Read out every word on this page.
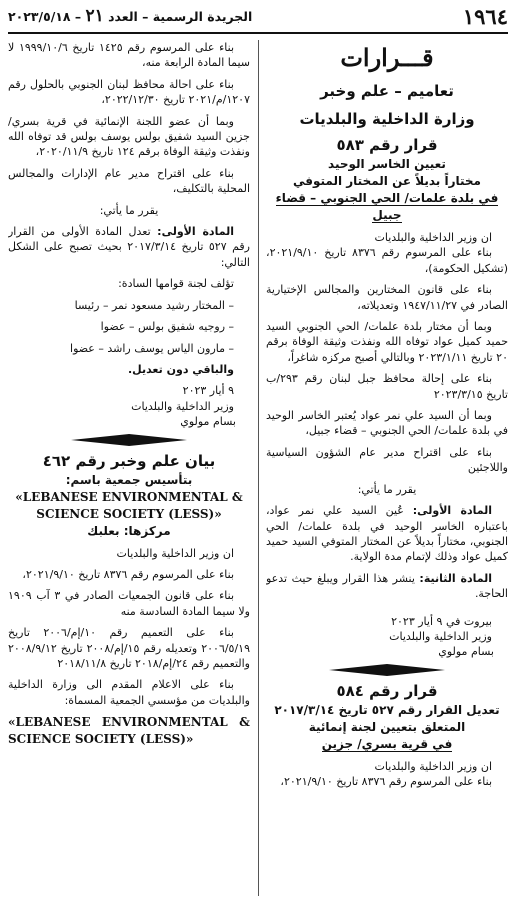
١٩٦٤
الجريدة الرسمية – العدد ٢١ – ٢٠٢٣/٥/١٨

قـــرارات

تعاميم – علم وخبر

وزارة الداخلية والبلديات

قرار رقم ٥٨٣

تعيين الخاسر الوحيد

مختاراً بديلاً عن المختار المتوفي

في بلدة علمات/ الحي الجنوبي – قضاء جبيل

ان وزير الداخلية والبلديات

بناء على المرسوم رقم ٨٣٧٦ تاريخ ٢٠٢١/٩/١٠، (تشكيل الحكومة)،

بناء على قانون المختارين والمجالس الإختيارية الصادر في ١٩٤٧/١١/٢٧ وتعديلاته،

وبما أن مختار بلدة علمات/ الحي الجنوبي السيد حميد كميل عواد توفاه الله ونفذت وثيقة الوفاة برقم ٢٠ تاريخ ٢٠٢٣/١/١١ وبالتالي أصبح مركزه شاغراً،

بناء على إحالة محافظ جبل لبنان رقم ٢٩٣/ب تاريخ ٢٠٢٣/٣/١٥

وبما أن السيد علي نمر عواد يُعتبر الخاسر الوحيد في بلدة علمات/ الحي الجنوبي – قضاء جبيل،

بناء على اقتراح مدير عام الشؤون السياسية واللاجئين

يقرر ما يأتي:

المادة الأولى: عُين السيد علي نمر عواد، باعتباره الخاسر الوحيد في بلدة علمات/ الحي الجنوبي، مختاراً بديلاً عن المختار المتوفي السيد حميد كميل عواد وذلك لإتمام مدة الولاية.

المادة الثانية: ينشر هذا القرار ويبلغ حيث تدعو الحاجة.

بيروت في ٩ أيار ٢٠٢٣

وزير الداخلية والبلديات

بسام مولوي

قرار رقم ٥٨٤

تعديل القرار رقم ٥٢٧ تاريخ ٢٠١٧/٣/١٤

المتعلق بتعيين لجنة إنمائية

في قرية بسري/ جزين

ان وزير الداخلية والبلديات

بناء على المرسوم رقم ٨٣٧٦ تاريخ ٢٠٢١/٩/١٠،

بناء على المرسوم رقم ١٤٢٥ تاريخ ١٩٩٩/١٠/٦ لا سيما المادة الرابعة منه،

بناء على احالة محافظ لبنان الجنوبي بالحلول رقم ١٢٠٧/م/٢٠٢١ تاريخ ٢٠٢٢/١٢/٣٠،

وبما أن عضو اللجنة الإنمائية في قرية بسري/ جزين السيد شفيق بولس يوسف بولس قد توفاه الله ونفذت وثيقة الوفاة برقم ١٢٤ تاريخ ٢٠٢٠/١١/٩،

بناء على اقتراح مدير عام الإدارات والمجالس المحلية بالتكليف،

يقرر ما يأتي:

المادة الأولى: تعدل المادة الأولى من القرار رقم ٥٢٧ تاريخ ٢٠١٧/٣/١٤ بحيث تصبح على الشكل التالي:

تؤلف لجنة قوامها السادة:

– المختار رشيد مسعود نمر – رئيسا

– روجيه شفيق بولس – عضوا

– مارون الياس يوسف راشد – عضوا

والباقي دون تعديل.

٩ أيار ٢٠٢٣

وزير الداخلية والبلديات

بسام مولوي

بيان علم وخبر رقم ٤٦٢

بتأسيس جمعية باسم:

«LEBANESE ENVIRONMENTAL &

SCIENCE SOCIETY (LESS)»

مركزها: بعلبك

ان وزير الداخلية والبلديات

بناء على المرسوم رقم ٨٣٧٦ تاريخ ٢٠٢١/٩/١٠،

بناء على قانون الجمعيات الصادر في ٣ آب ١٩٠٩ ولا سيما المادة السادسة منه

بناء على التعميم رقم ١٠/إم/٢٠٠٦ تاريخ ٢٠٠٦/٥/١٩ وتعديله رقم ١٥/إم/٢٠٠٨ تاريخ ٢٠٠٨/٩/١٢ والتعميم رقم ٢٤/إم/٢٠١٨ تاريخ ٢٠١٨/١١/٨

بناء على الاعلام المقدم الى وزارة الداخلية والبلديات من مؤسسي الجمعية المسماة:

«LEBANESE ENVIRONMENTAL & SCIENCE SOCIETY (LESS)»
